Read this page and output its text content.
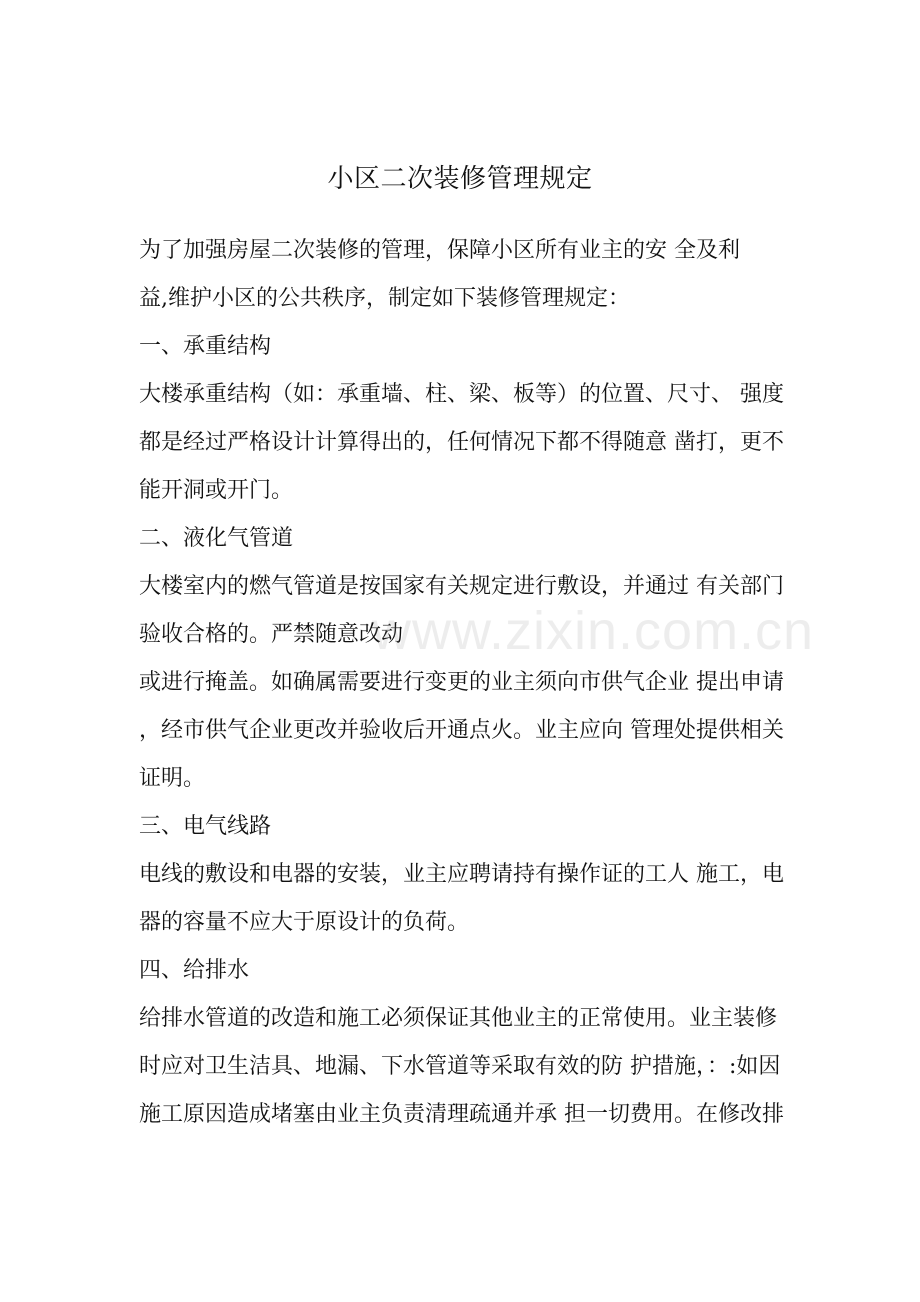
小区二次装修管理规定
为了加强房屋二次装修的管理，保障小区所有业主的安 全及利
益,维护小区的公共秩序，制定如下装修管理规定：
一、承重结构
大楼承重结构（如：承重墙、柱、梁、板等）的位置、尺寸、 强度
都是经过严格设计计算得出的，任何情况下都不得随意 凿打，更不
能开洞或开门。
二、液化气管道
大楼室内的燃气管道是按国家有关规定进行敷设，并通过 有关部门
验收合格的。严禁随意改动
或进行掩盖。如确属需要进行变更的业主须向市供气企业 提出申请
，经市供气企业更改并验收后开通点火。业主应向 管理处提供相关
证明。
三、电气线路
电线的敷设和电器的安装，业主应聘请持有操作证的工人 施工，电
器的容量不应大于原设计的负荷。
四、给排水
给排水管道的改造和施工必须保证其他业主的正常使用。业主装修
时应对卫生洁具、地漏、下水管道等采取有效的防 护措施，：:如因
施工原因造成堵塞由业主负责清理疏通并承 担一切费用。在修改排
www.zixin.com.cn
